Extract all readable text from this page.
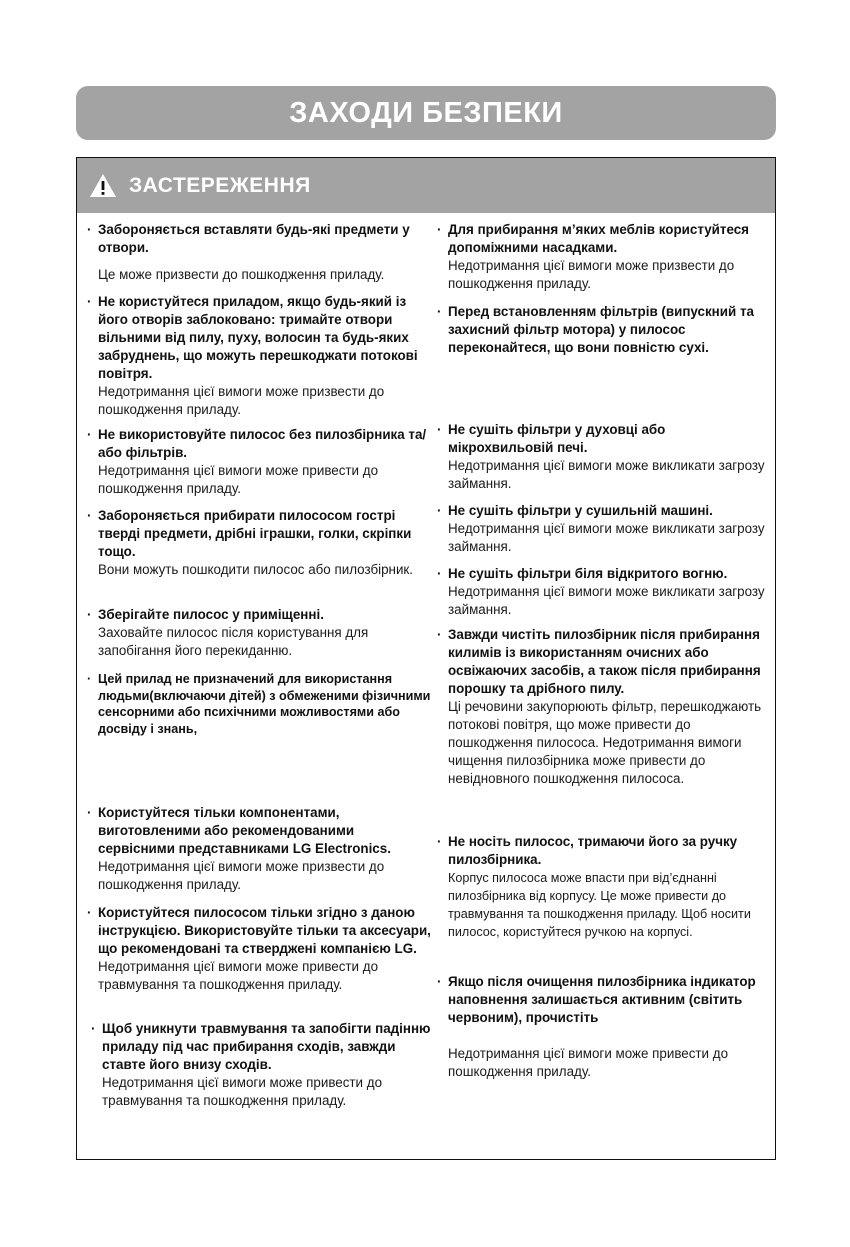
ЗАХОДИ БЕЗПЕКИ
ЗАСТЕРЕЖЕННЯ
· Забороняється вставляти будь-які предмети у отвори.
Це може призвести до пошкодження приладу.
· Не користуйтеся приладом, якщо будь-який із його отворів заблоковано: тримайте отвори вільними від пилу, пуху, волосин та будь-яких забруднень, що можуть перешкоджати потокові повітря.
Недотримання цієї вимоги може призвести до пошкодження приладу.
· Не використовуйте пилосос без пилозбірника та/або фільтрів.
Недотримання цієї вимоги може привести до пошкодження приладу.
· Забороняється прибирати пилососом гострі тверді предмети, дрібні іграшки, голки, скріпки тощо.
Вони можуть пошкодити пилосос або пилозбірник.
· Зберігайте пилосос у приміщенні.
Заховайте пилосос після користування для запобігання його перекиданню.
· Цей прилад не призначений для використання людьми(включаючи дітей) з обмеженими фізичними сенсорними або психічними можливостями або досвіду і знань,
· Користуйтеся тільки компонентами, виготовленими або рекомендованими сервісними представниками LG Electronics.
Недотримання цієї вимоги може призвести до пошкодження приладу.
· Користуйтеся пилососом тільки згідно з даною інструкцією. Використовуйте тільки та аксесуари, що рекомендовані та стверджені компанією LG.
Недотримання цієї вимоги може привести до травмування та пошкодження приладу.
· Щоб уникнути травмування та запобігти падінню приладу під час прибирання сходів, завжди ставте його внизу сходів.
Недотримання цієї вимоги може привести до травмування та пошкодження приладу.
· Для прибирання м’яких меблів користуйтеся допоміжними насадками.
Недотримання цієї вимоги може призвести до пошкодження приладу.
· Перед встановленням фільтрів (випускний та захисний фільтр мотора) у пилосос переконайтеся, що вони повністю сухі.
· Не сушіть фільтри у духовці або мікрохвильовій печі.
Недотримання цієї вимоги може викликати загрозу займання.
· Не сушіть фільтри у сушильній машині.
Недотримання цієї вимоги може викликати загрозу займання.
· Не сушіть фільтри біля відкритого вогню.
Недотримання цієї вимоги може викликати загрозу займання.
· Завжди чистіть пилозбірник після прибирання килимів із використанням очисних або освіжаючих засобів, а також після прибирання порошку та дрібного пилу.
Ці речовини закупорюють фільтр, перешкоджають потокові повітря, що може привести до пошкодження пилососа. Недотримання вимоги чищення пилозбірника може привести до невідновного пошкодження пилососа.
· Не носіть пилосос, тримаючи його за ручку пилозбірника.
Корпус пилососа може впасти при від’єднанні пилозбірника від корпусу. Це може привести до травмування та пошкодження приладу. Щоб носити пилосос, користуйтеся ручкою на корпусі.
· Якщо після очищення пилозбірника індикатор наповнення залишається активним (світить червоним), прочистіть
Недотримання цієї вимоги може привести до пошкодження приладу.
